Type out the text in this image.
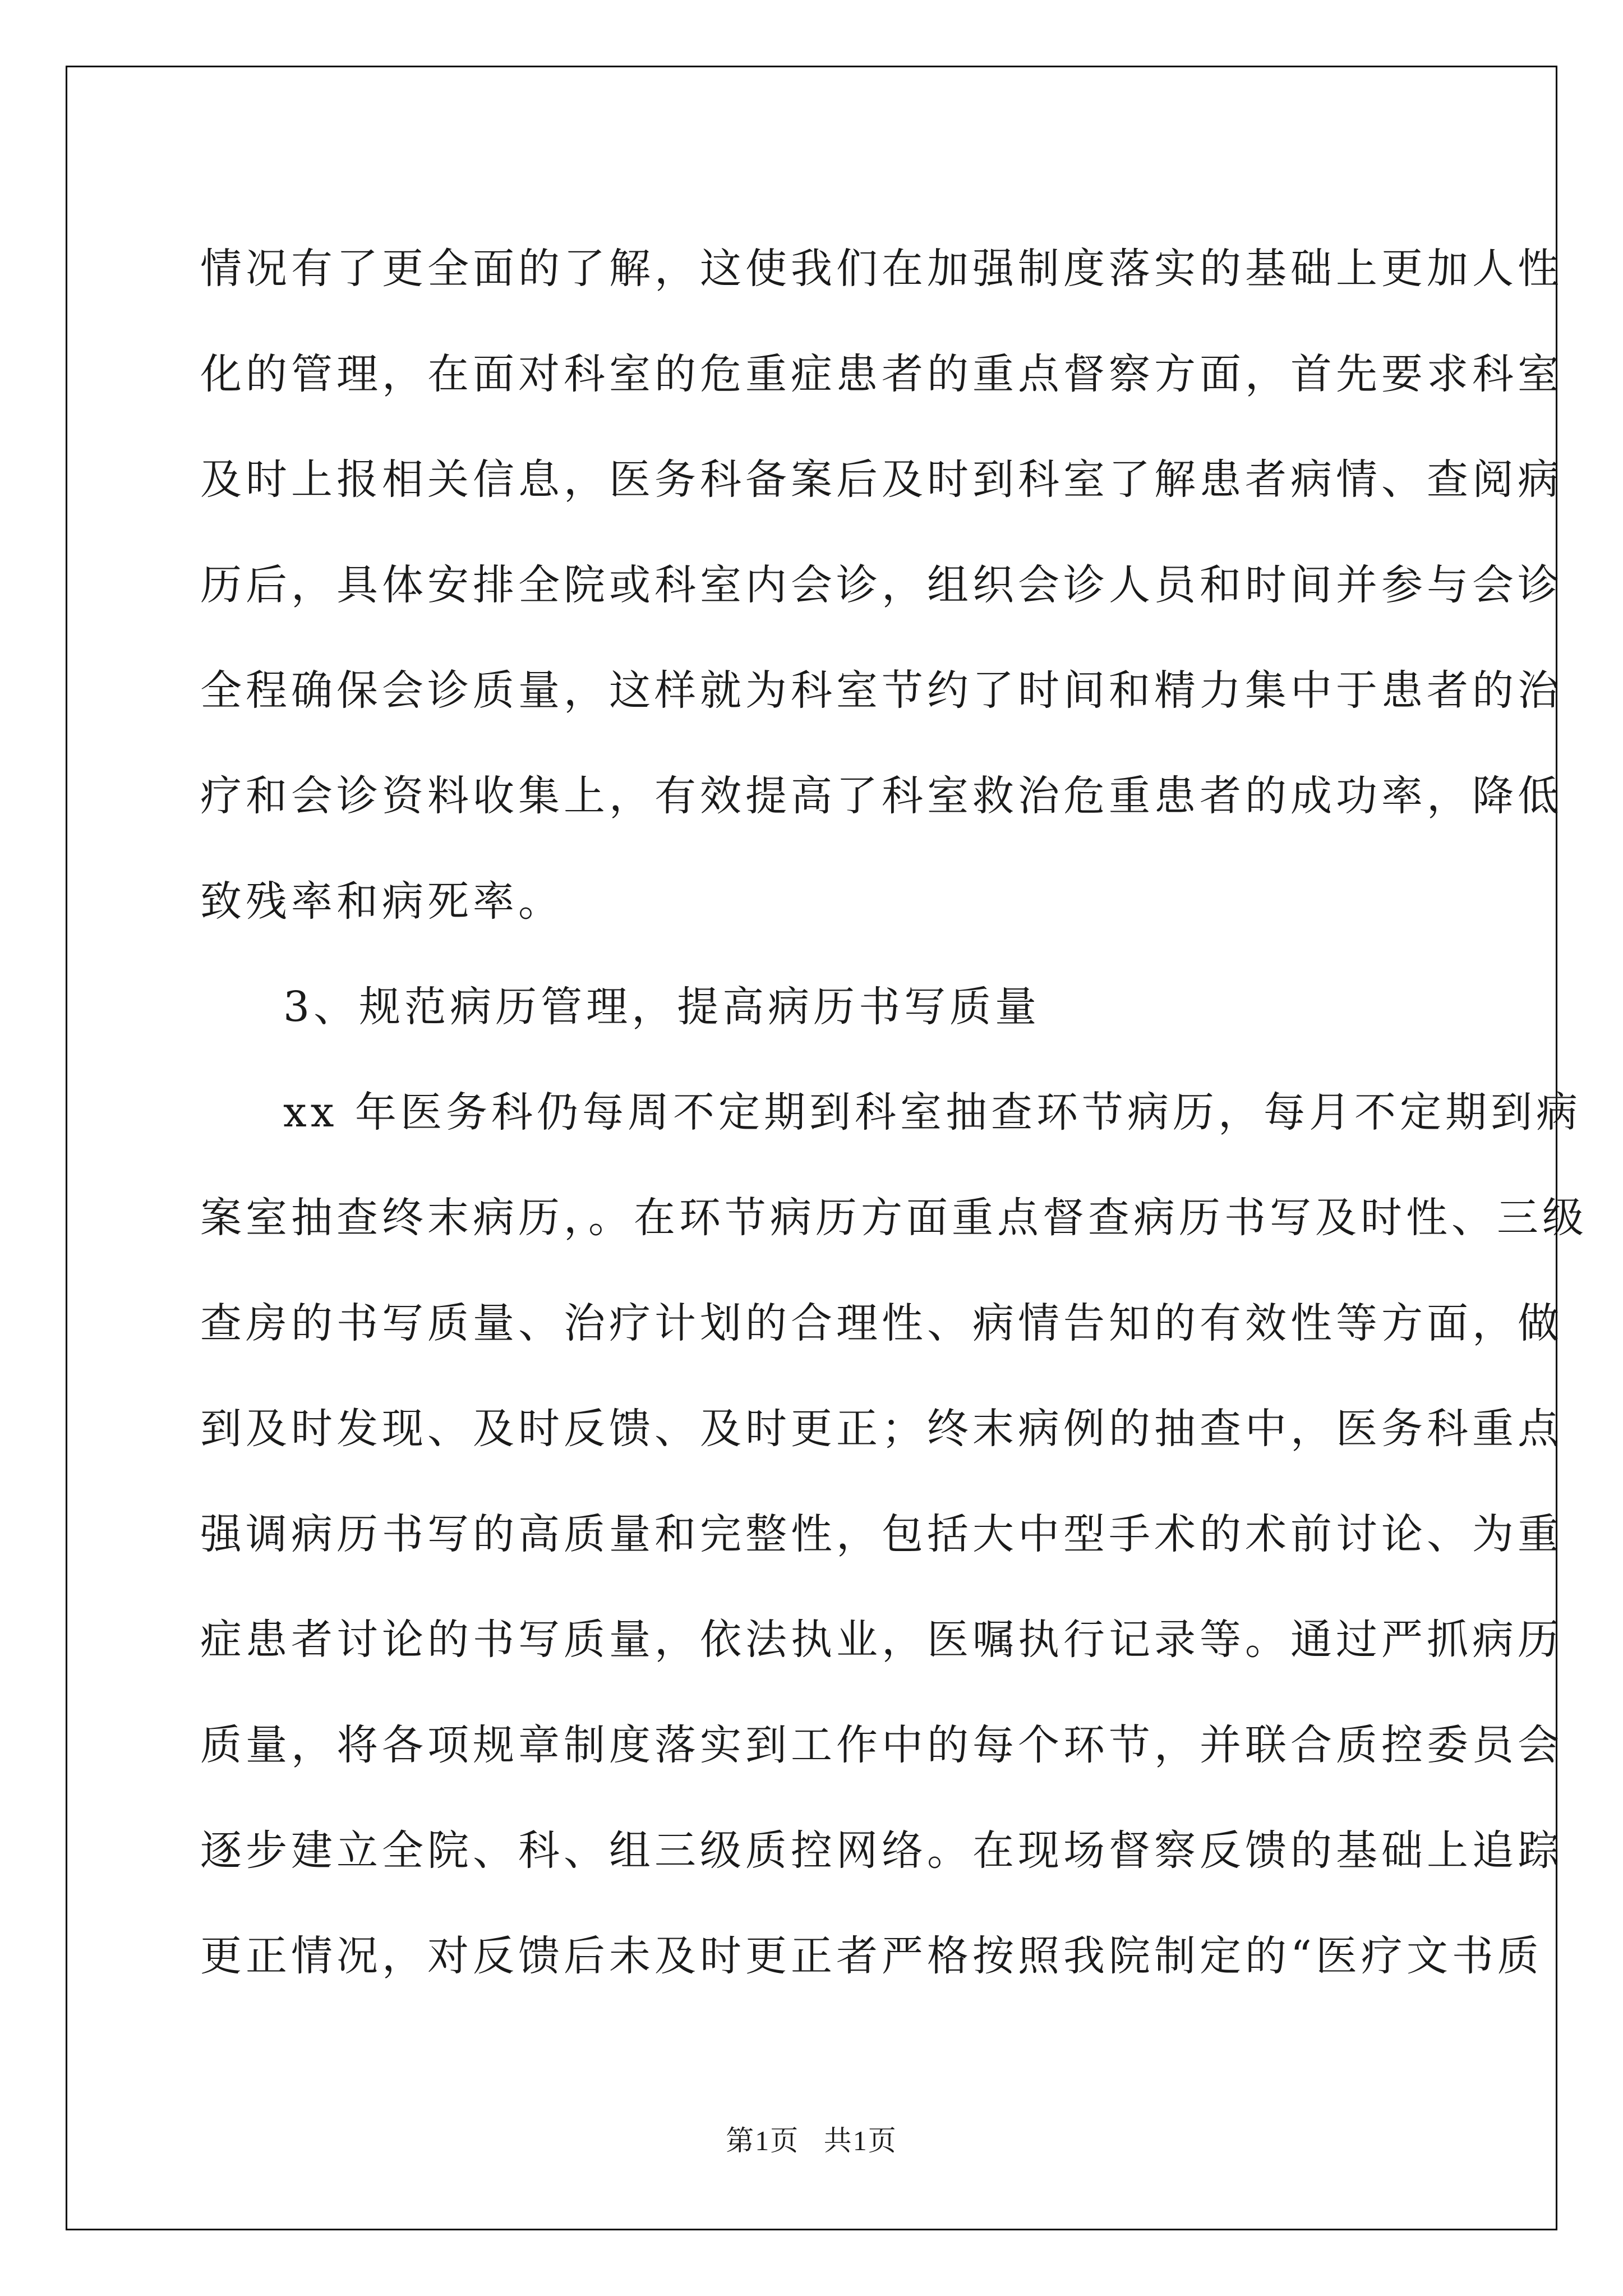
情况有了更全面的了解，这使我们在加强制度落实的基础上更加人性
化的管理，在面对科室的危重症患者的重点督察方面，首先要求科室
及时上报相关信息，医务科备案后及时到科室了解患者病情、查阅病
历后，具体安排全院或科室内会诊，组织会诊人员和时间并参与会诊
全程确保会诊质量，这样就为科室节约了时间和精力集中于患者的治
疗和会诊资料收集上，有效提高了科室救治危重患者的成功率，降低
致残率和病死率。
3、规范病历管理，提高病历书写质量
xx 年医务科仍每周不定期到科室抽查环节病历，每月不定期到病
案室抽查终末病历，。在环节病历方面重点督查病历书写及时性、三级
查房的书写质量、治疗计划的合理性、病情告知的有效性等方面，做
到及时发现、及时反馈、及时更正；终末病例的抽查中，医务科重点
强调病历书写的高质量和完整性，包括大中型手术的术前讨论、为重
症患者讨论的书写质量，依法执业，医嘱执行记录等。通过严抓病历
质量，将各项规章制度落实到工作中的每个环节，并联合质控委员会
逐步建立全院、科、组三级质控网络。在现场督察反馈的基础上追踪
更正情况，对反馈后未及时更正者严格按照我院制定的“医疗文书质
第1页   共1页
